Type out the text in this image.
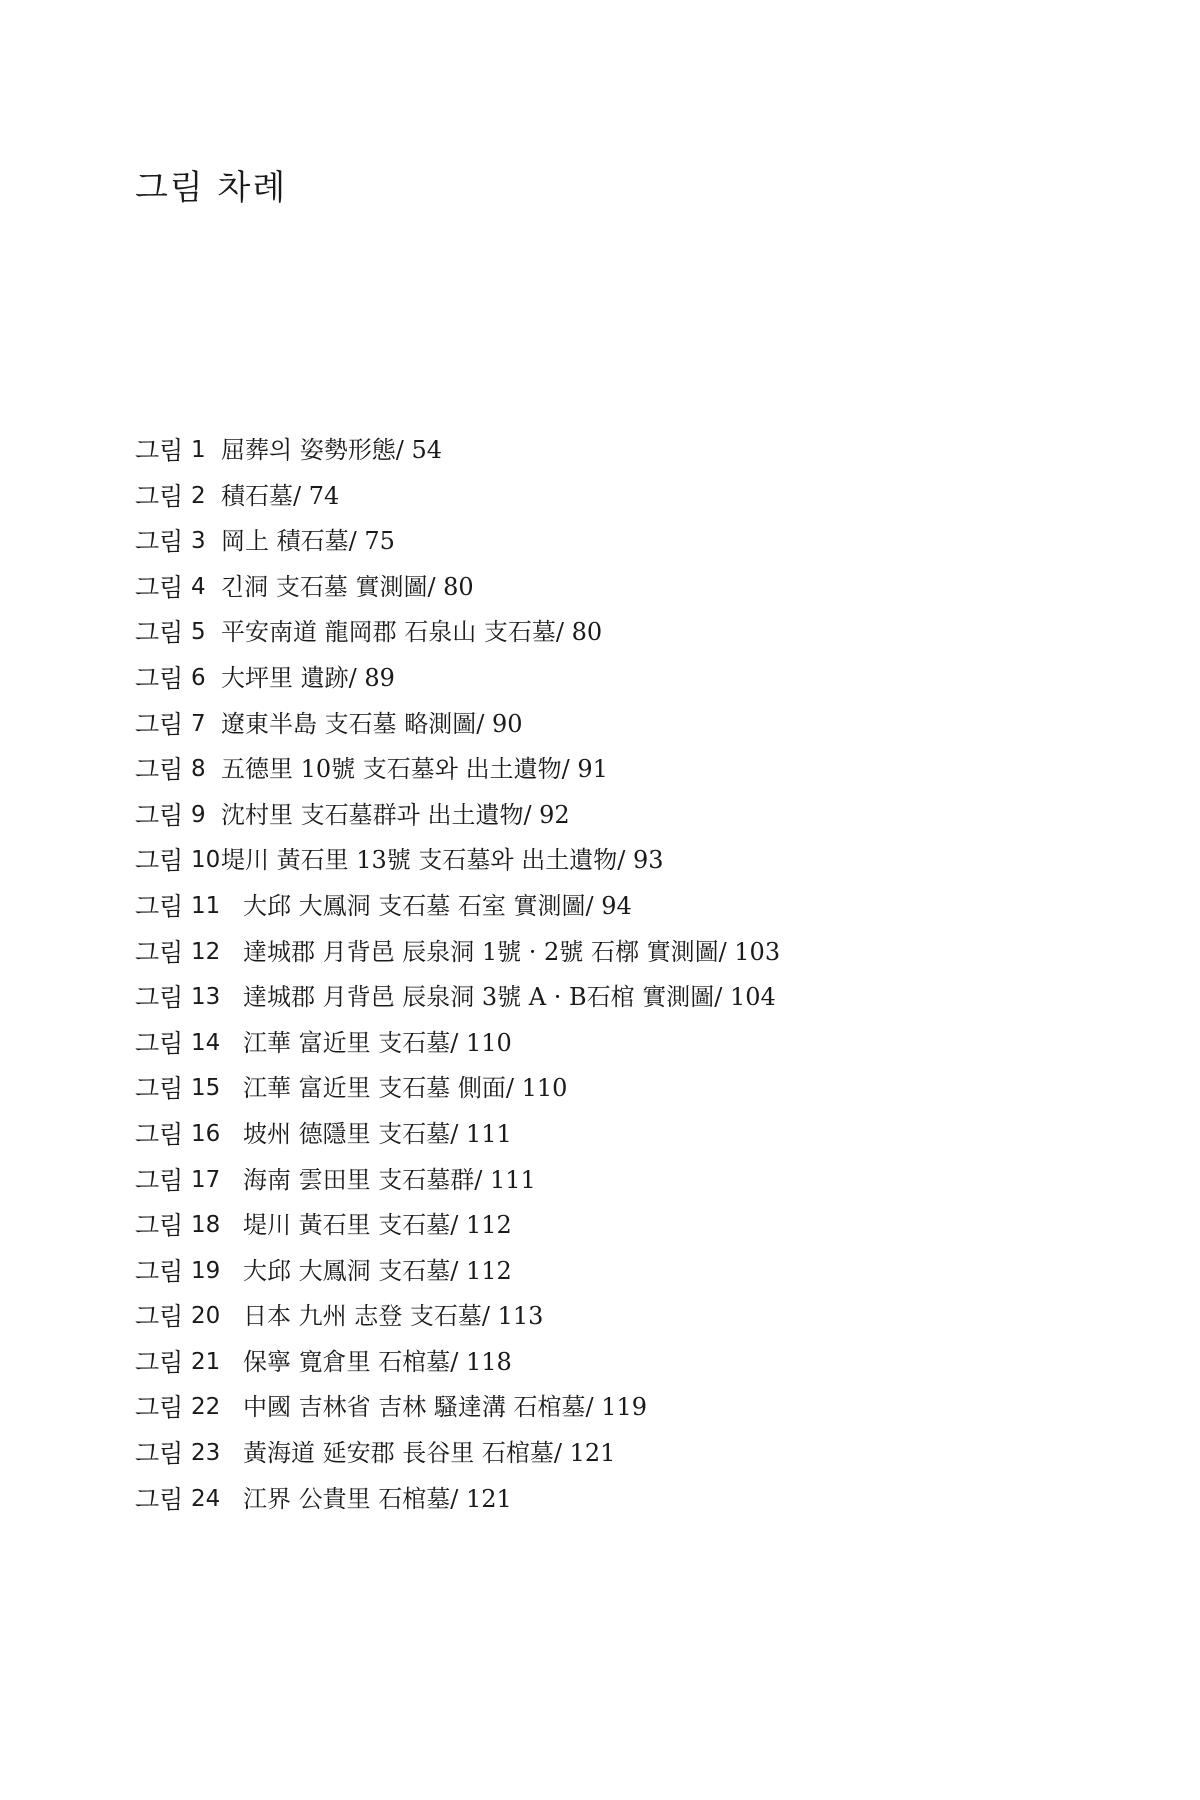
그림 차례
그림 1 屈葬의 姿勢形態/ 54
그림 2 積石墓/ 74
그림 3 岡上 積石墓/ 75
그림 4 긴洞 支石墓 實測圖/ 80
그림 5 平安南道 龍岡郡 石泉山 支石墓/ 80
그림 6 大坪里 遺跡/ 89
그림 7 遼東半島 支石墓 略測圖/ 90
그림 8 五德里 10號 支石墓와 出土遺物/ 91
그림 9 沈村里 支石墓群과 出土遺物/ 92
그림 10 堤川 黃石里 13號 支石墓와 出土遺物/ 93
그림 11 大邱 大鳳洞 支石墓 石室 實測圖/ 94
그림 12 達城郡 月背邑 辰泉洞 1號 · 2號 石槨 實測圖/ 103
그림 13 達城郡 月背邑 辰泉洞 3號 A · B石棺 實測圖/ 104
그림 14 江華 富近里 支石墓/ 110
그림 15 江華 富近里 支石墓 側面/ 110
그림 16 坡州 德隱里 支石墓/ 111
그림 17 海南 雲田里 支石墓群/ 111
그림 18 堤川 黃石里 支石墓/ 112
그림 19 大邱 大鳳洞 支石墓/ 112
그림 20 日本 九州 志登 支石墓/ 113
그림 21 保寧 寛倉里 石棺墓/ 118
그림 22 中國 吉林省 吉林 騷達溝 石棺墓/ 119
그림 23 黃海道 延安郡 長谷里 石棺墓/ 121
그림 24 江界 公貴里 石棺墓/ 121
